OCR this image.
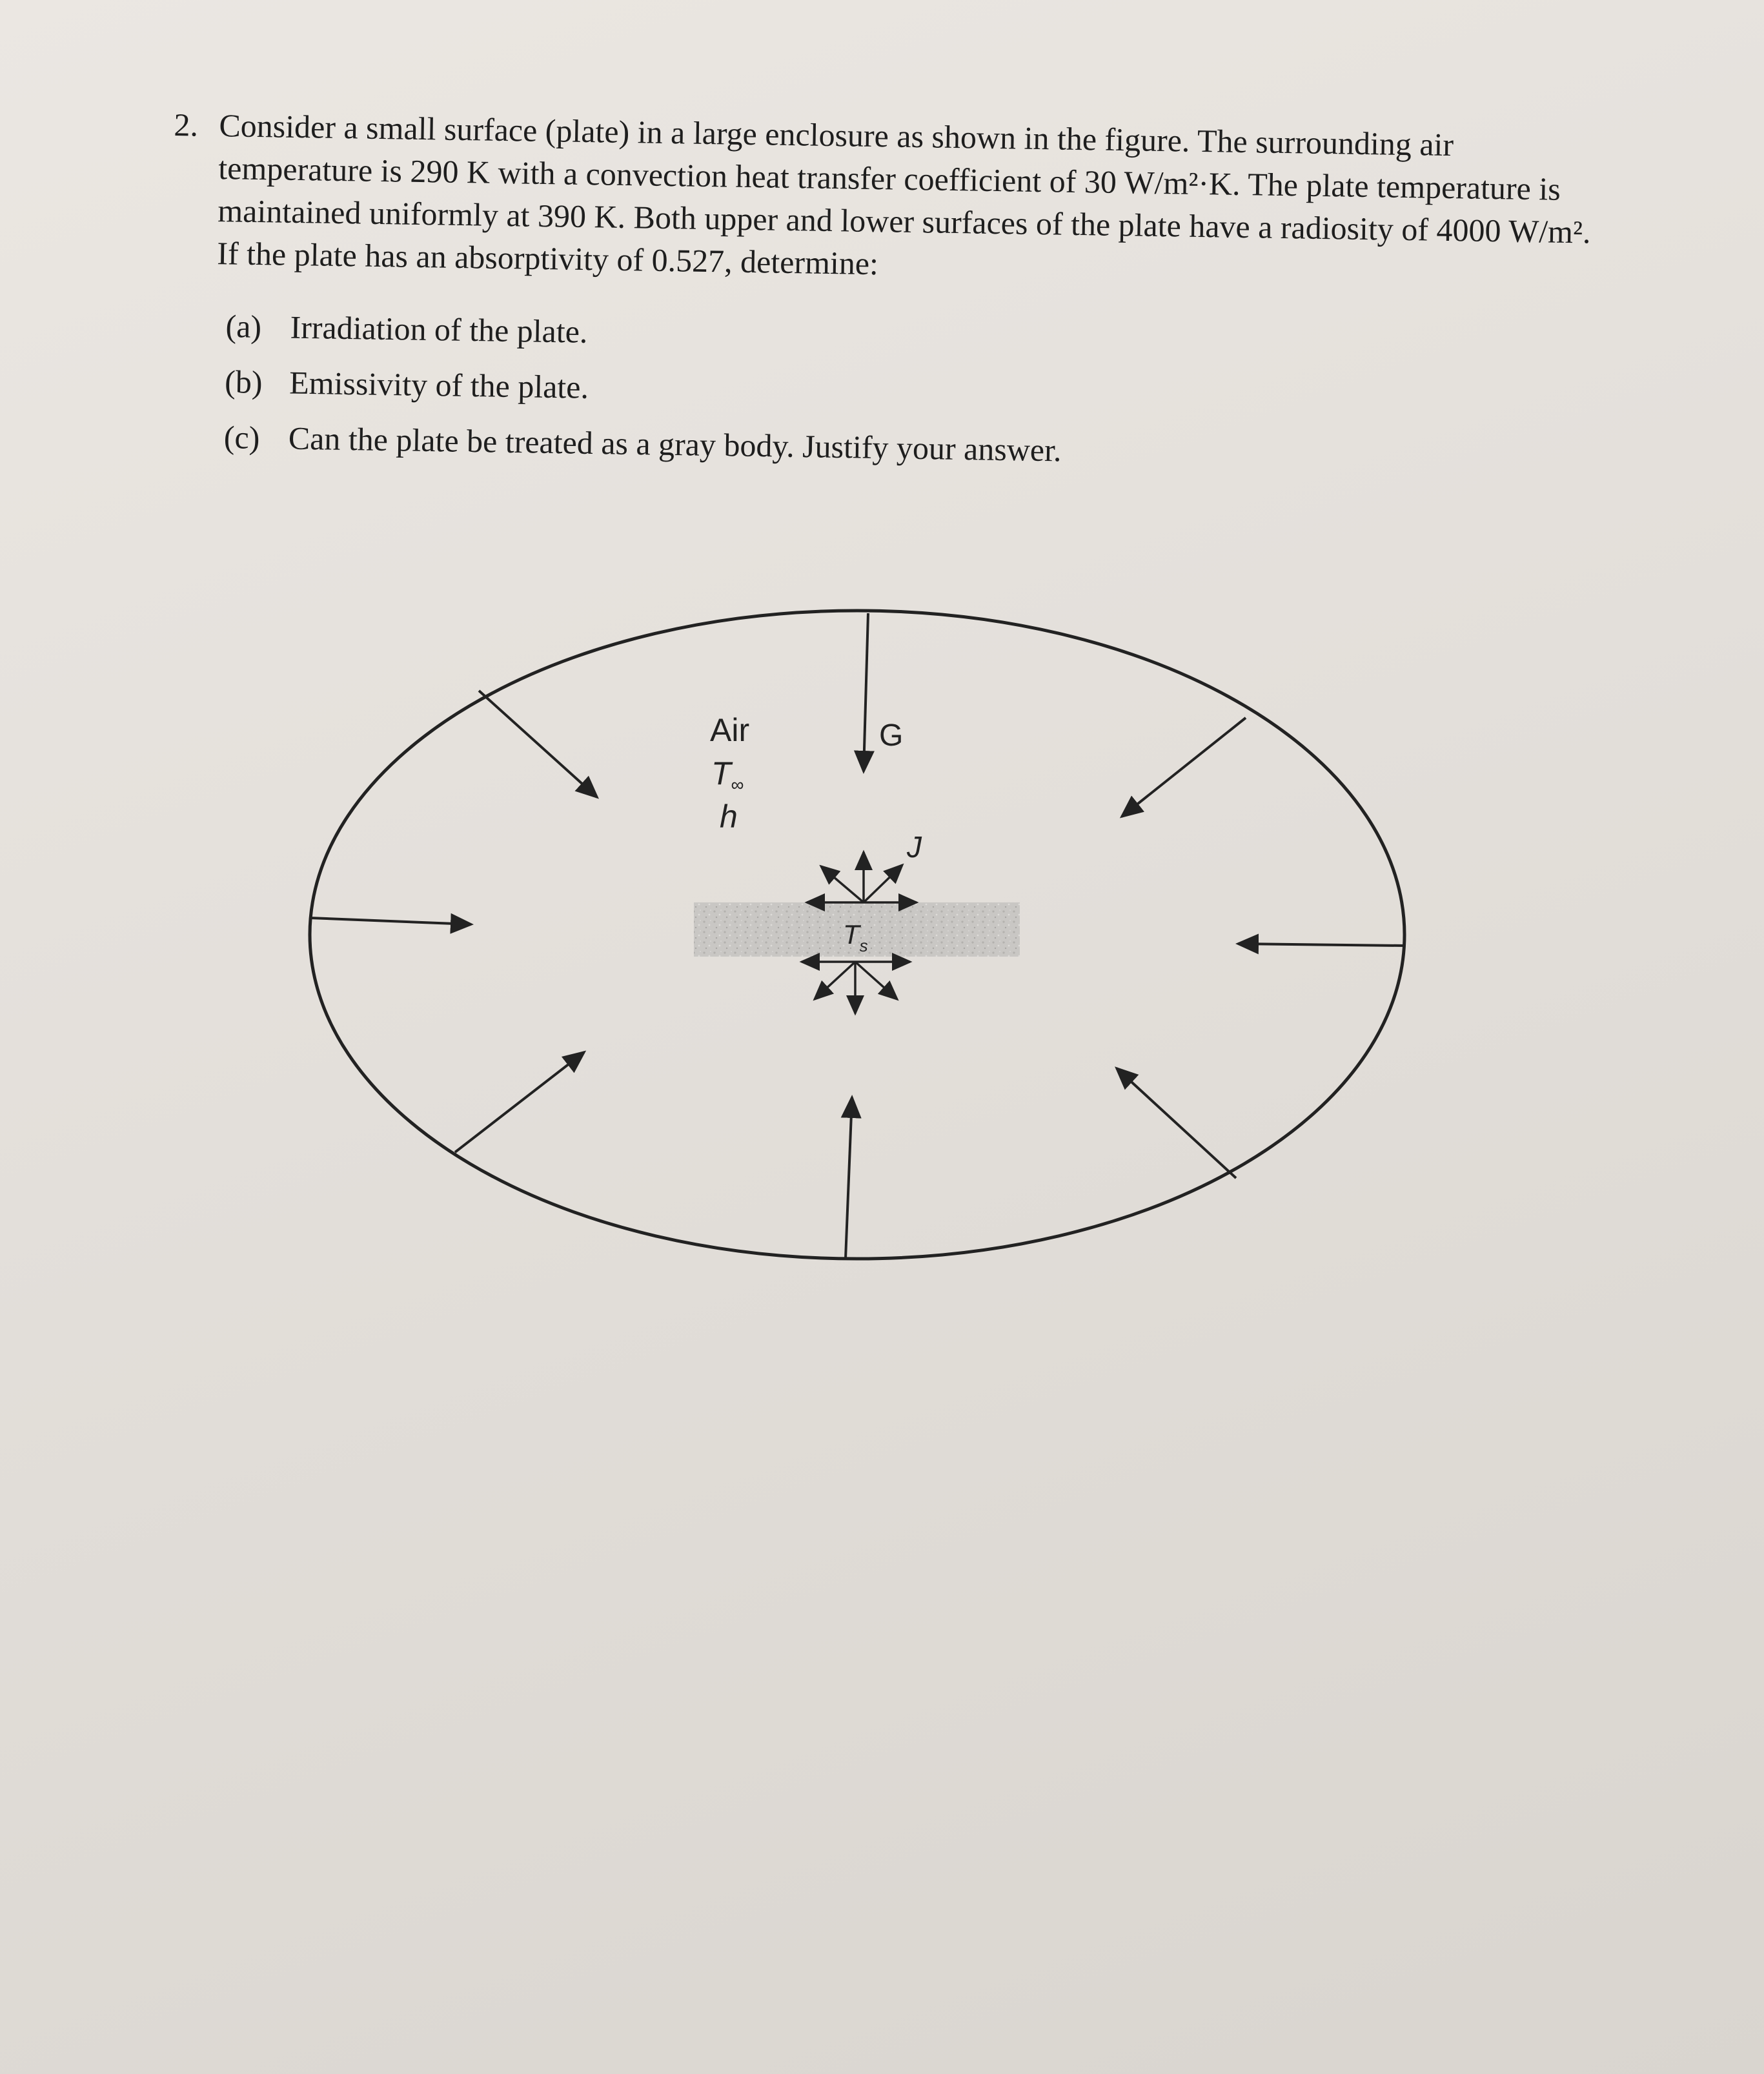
2. Consider a small surface (plate) in a large enclosure as shown in the figure. The surrounding air temperature is 290 K with a convection heat transfer coefficient of 30 W/m²·K. The plate temperature is maintained uniformly at 390 K. Both upper and lower surfaces of the plate have a radiosity of 4000 W/m². If the plate has an absorptivity of 0.527, determine:

(a) Irradiation of the plate.
(b) Emissivity of the plate.
(c) Can the plate be treated as a gray body. Justify your answer.
Air
$T_\infty$
h
G
J
$T_s$
